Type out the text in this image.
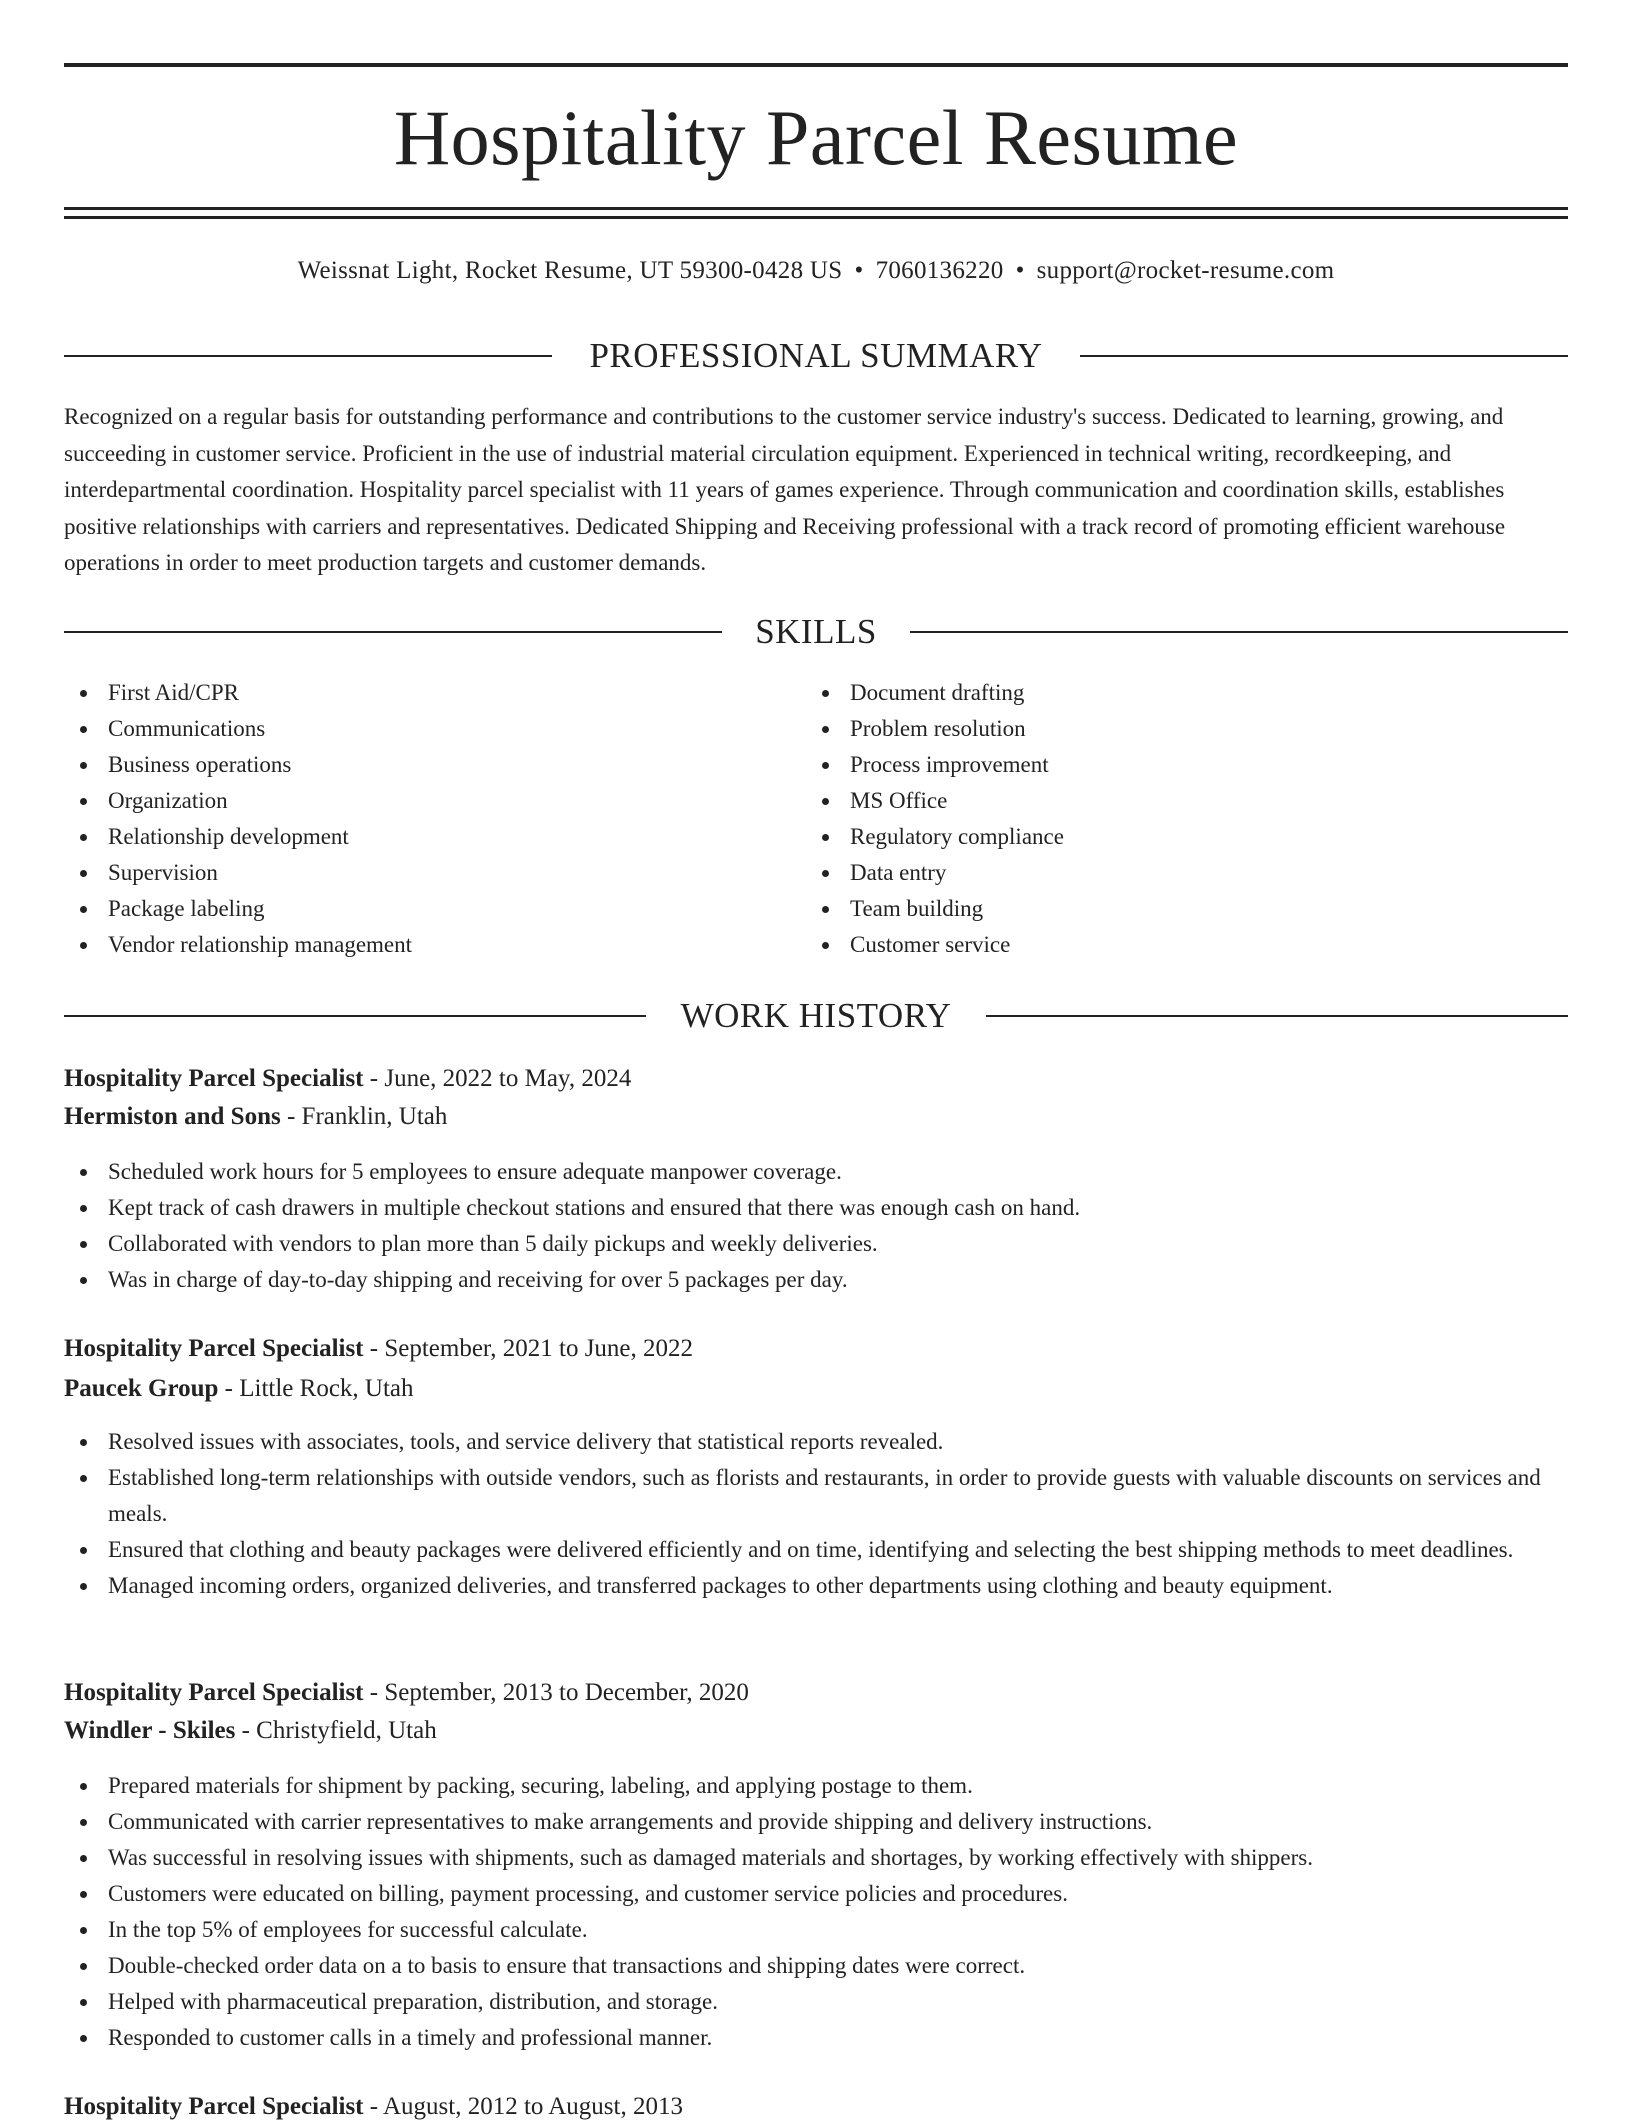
Hospitality Parcel Resume
Weissnat Light, Rocket Resume, UT 59300-0428 US • 7060136220 • support@rocket-resume.com
PROFESSIONAL SUMMARY

Recognized on a regular basis for outstanding performance and contributions to the customer service industry's success. Dedicated to learning, growing, and succeeding in customer service. Proficient in the use of industrial material circulation equipment. Experienced in technical writing, recordkeeping, and interdepartmental coordination. Hospitality parcel specialist with 11 years of games experience. Through communication and coordination skills, establishes positive relationships with carriers and representatives. Dedicated Shipping and Receiving professional with a track record of promoting efficient warehouse operations in order to meet production targets and customer demands.

SKILLS
First Aid/CPR
Communications
Business operations
Organization
Relationship development
Supervision
Package labeling
Vendor relationship management
Document drafting
Problem resolution
Process improvement
MS Office
Regulatory compliance
Data entry
Team building
Customer service
WORK HISTORY
Hospitality Parcel Specialist - June, 2022 to May, 2024
Hermiston and Sons - Franklin, Utah
Scheduled work hours for 5 employees to ensure adequate manpower coverage.
Kept track of cash drawers in multiple checkout stations and ensured that there was enough cash on hand.
Collaborated with vendors to plan more than 5 daily pickups and weekly deliveries.
Was in charge of day-to-day shipping and receiving for over 5 packages per day.
Hospitality Parcel Specialist - September, 2021 to June, 2022
Paucek Group - Little Rock, Utah
Resolved issues with associates, tools, and service delivery that statistical reports revealed.
Established long-term relationships with outside vendors, such as florists and restaurants, in order to provide guests with valuable discounts on services and meals.
Ensured that clothing and beauty packages were delivered efficiently and on time, identifying and selecting the best shipping methods to meet deadlines.
Managed incoming orders, organized deliveries, and transferred packages to other departments using clothing and beauty equipment.
Hospitality Parcel Specialist - September, 2013 to December, 2020
Windler - Skiles - Christyfield, Utah
Prepared materials for shipment by packing, securing, labeling, and applying postage to them.
Communicated with carrier representatives to make arrangements and provide shipping and delivery instructions.
Was successful in resolving issues with shipments, such as damaged materials and shortages, by working effectively with shippers.
Customers were educated on billing, payment processing, and customer service policies and procedures.
In the top 5% of employees for successful calculate.
Double-checked order data on a to basis to ensure that transactions and shipping dates were correct.
Helped with pharmaceutical preparation, distribution, and storage.
Responded to customer calls in a timely and professional manner.
Hospitality Parcel Specialist - August, 2012 to August, 2013
